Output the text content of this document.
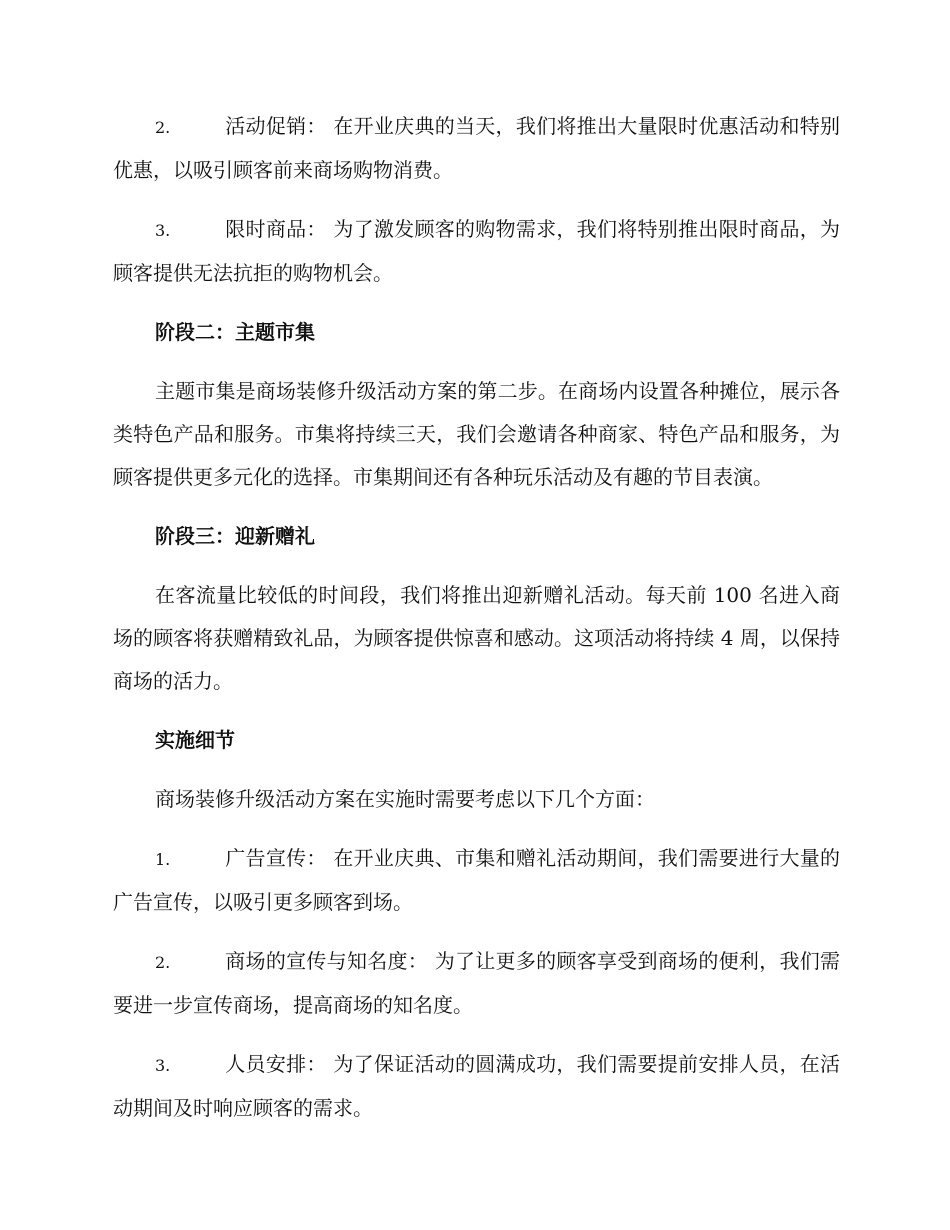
2.	活动促销： 在开业庆典的当天，我们将推出大量限时优惠活动和特别优惠，以吸引顾客前来商场购物消费。

3.	限时商品： 为了激发顾客的购物需求，我们将特别推出限时商品，为顾客提供无法抗拒的购物机会。

阶段二：主题市集

主题市集是商场装修升级活动方案的第二步。在商场内设置各种摊位，展示各类特色产品和服务。市集将持续三天，我们会邀请各种商家、特色产品和服务，为顾客提供更多元化的选择。市集期间还有各种玩乐活动及有趣的节目表演。

阶段三：迎新赠礼

在客流量比较低的时间段，我们将推出迎新赠礼活动。每天前 100 名进入商场的顾客将获赠精致礼品，为顾客提供惊喜和感动。这项活动将持续 4 周，以保持商场的活力。

实施细节

商场装修升级活动方案在实施时需要考虑以下几个方面：

1.	广告宣传： 在开业庆典、市集和赠礼活动期间，我们需要进行大量的广告宣传，以吸引更多顾客到场。

2.	商场的宣传与知名度： 为了让更多的顾客享受到商场的便利，我们需要进一步宣传商场，提高商场的知名度。

3.	人员安排： 为了保证活动的圆满成功，我们需要提前安排人员，在活动期间及时响应顾客的需求。
